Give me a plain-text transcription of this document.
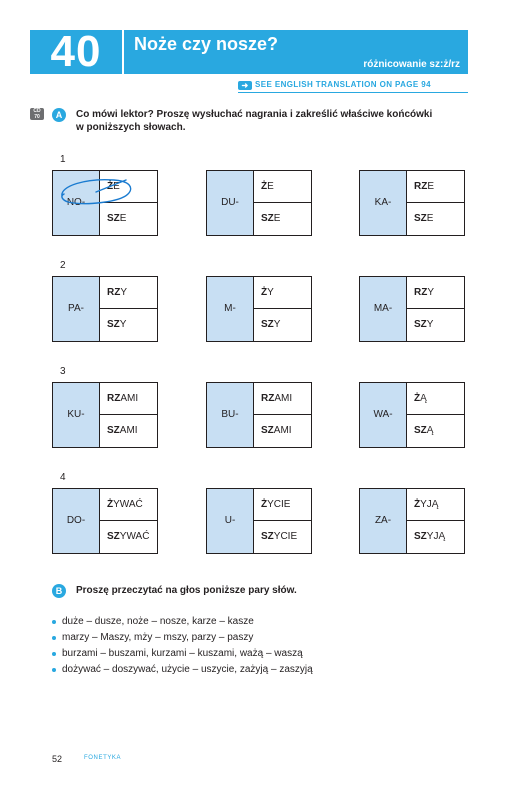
40	Noże czy nosze?
różnicowanie sz:ż/rz
➜ SEE ENGLISH TRANSLATION ON PAGE 94
CD
70	A	Co mówi lektor? Proszę wysłuchać nagrania i zakreślić właściwe końcówki
w poniższych słowach.
1
NO-
ŻE
SZE
DU-
ŻE
SZE
KA-
RZE
SZE
2
PA-
RZY
SZY
M-
ŻY
SZY
MA-
RZY
SZY
3
KU-
RZAMI
SZAMI
BU-
RZAMI
SZAMI
WA-
ŻĄ
SZĄ
4
DO-
ŻYWAĆ
SZYWAĆ
U-
ŻYCIE
SZYCIE
ZA-
ŻYJĄ
SZYJĄ
B	Proszę przeczytać na głos poniższe pary słów.
duże – dusze, noże – nosze, karze – kasze
marzy – Maszy, mży – mszy, parzy – paszy
burzami – buszami, kurzami – kuszami, ważą – waszą
dożywać – doszywać, użycie – uszycie, zażyją – zaszyją
52	FONETYKA
